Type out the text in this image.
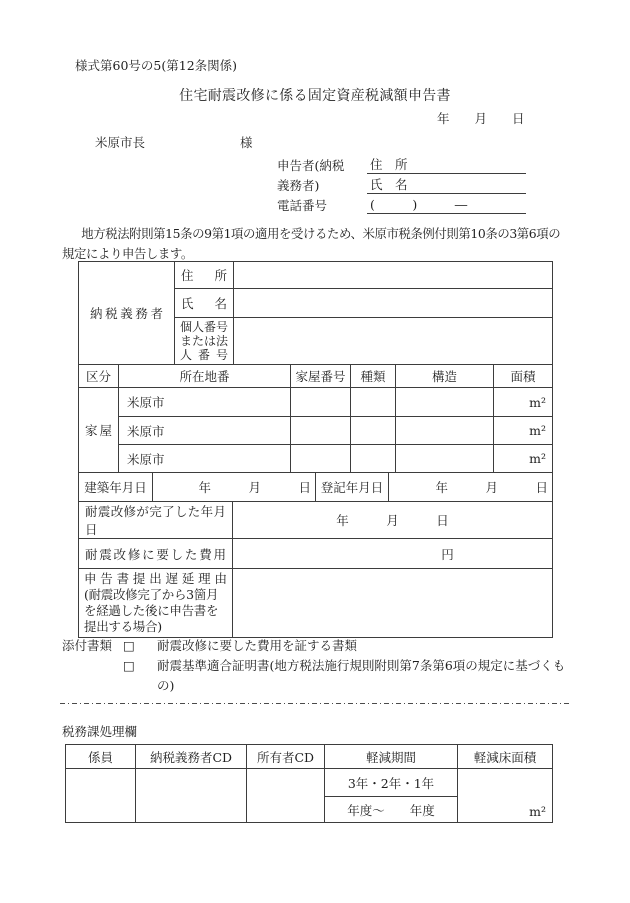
様式第60号の5(第12条関係)
住宅耐震改修に係る固定資産税減額申告書
年　　月　　日
米原市長	様
申告者(納税	住　所
義務者)	氏　名
電話番号	(　　　)　　　―
地方税法附則第15条の9第1項の適用を受けるため、米原市税条例付則第10条の3第6項の規定により申告します。
納税義務者	住所	
	氏名	
	個人番号または法人番号	
区分	所在地番	家屋番号	種類	構造	面積
家屋	米原市				m²
	米原市				m²
	米原市				m²
建築年月日	年　　　月　　　日	登記年月日	年　　　月　　　日
耐震改修が完了した年月日	年　　　月　　　日
耐震改修に要した費用	円

申告書提出遅延理由
(耐震改修完了から3箇月を経過した後に申告書を提出する場合)	

添付書類 □	耐震改修に要した費用を証する書類
□	耐震基準適合証明書(地方税法施行規則附則第7条第6項の規定に基づくもの)
税務課処理欄
係員	納税義務者CD	所有者CD	軽減期間	軽減床面積
			3年・2年・1年	m²
			年度〜　　年度	
